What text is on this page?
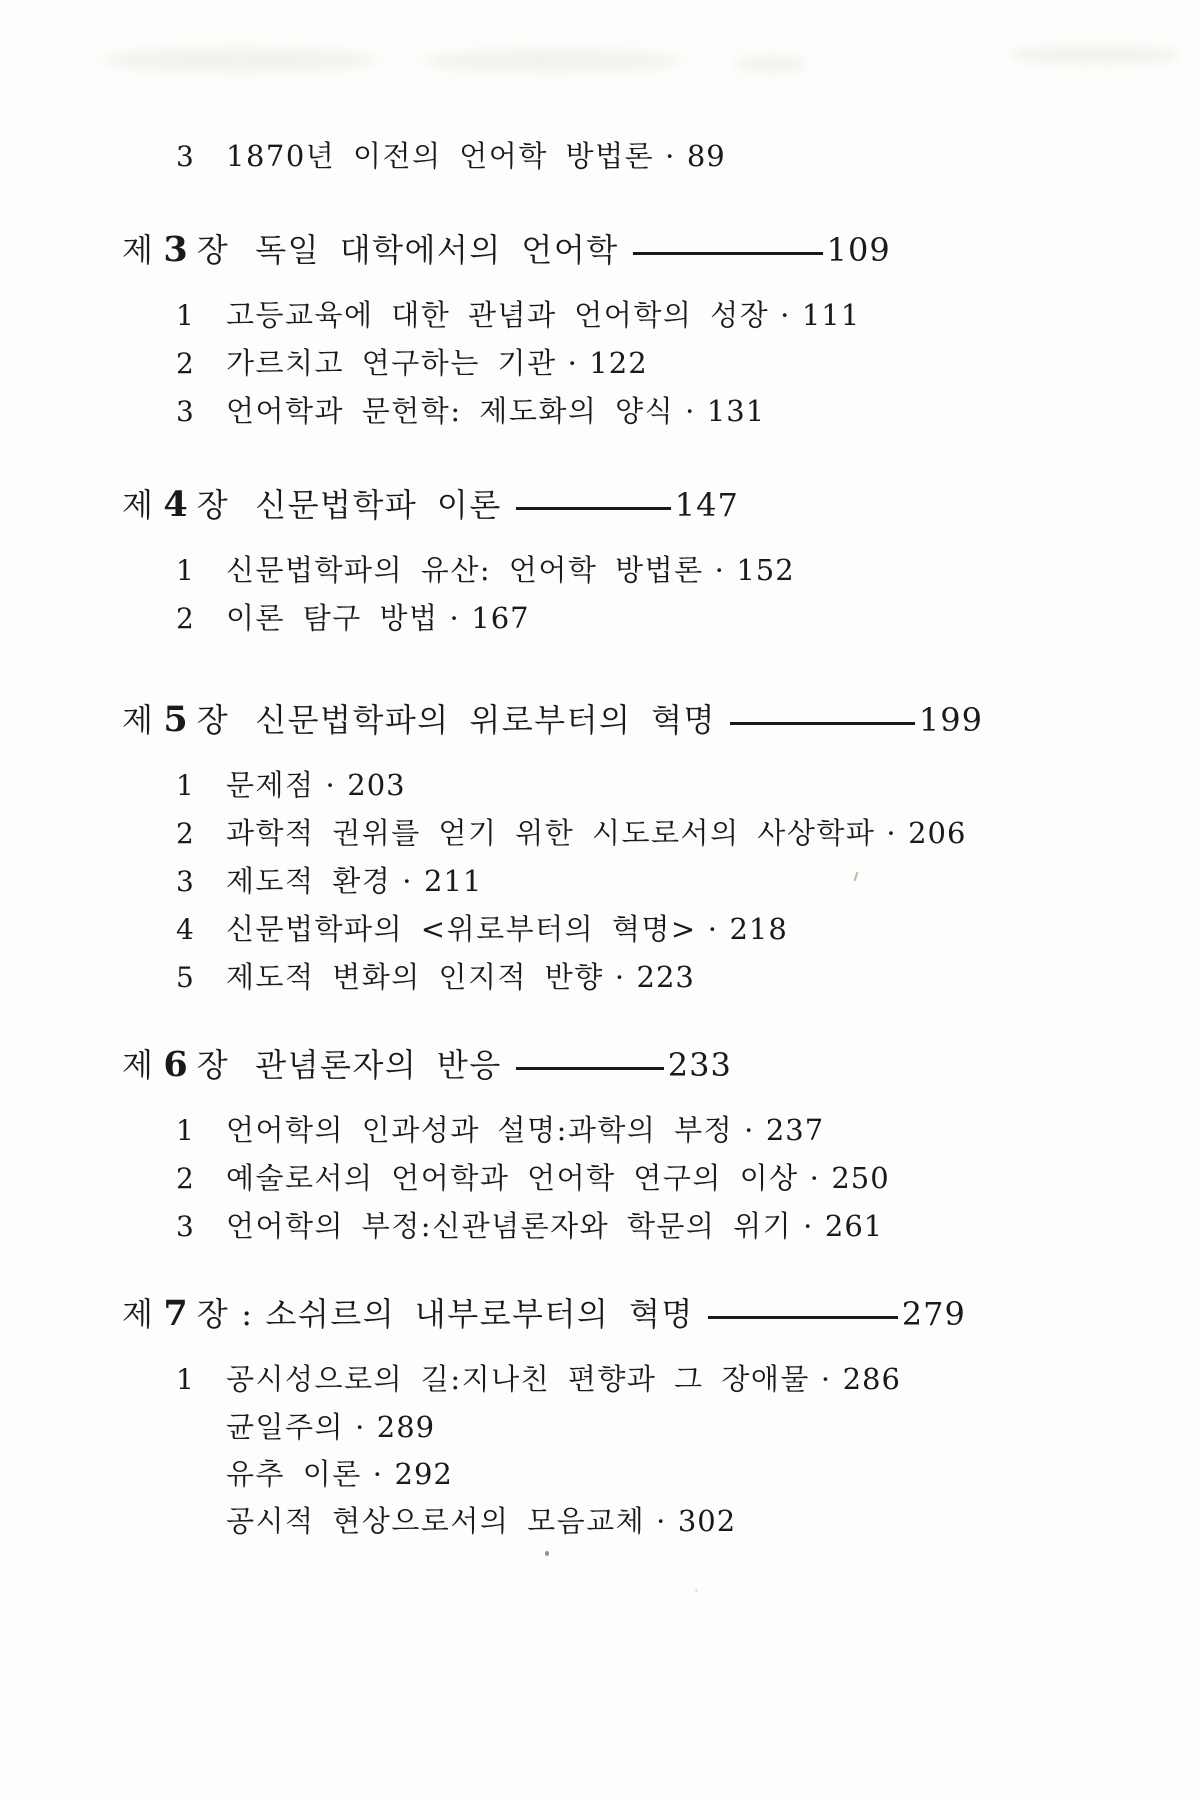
3	1870년 이전의 언어학 방법론 · 89
제 3 장 독일 대학에서의 언어학	109
1	고등교육에 대한 관념과 언어학의 성장 · 111
2	가르치고 연구하는 기관 · 122
3	언어학과 문헌학: 제도화의 양식 · 131
제 4 장 신문법학파 이론	147
1	신문법학파의 유산: 언어학 방법론 · 152
2	이론 탐구 방법 · 167
제 5 장 신문법학파의 위로부터의 혁명	199
1	문제점 · 203
2	과학적 권위를 얻기 위한 시도로서의 사상학파 · 206
3	제도적 환경 · 211
4	신문법학파의 <위로부터의 혁명> · 218
5	제도적 변화의 인지적 반향 · 223
제 6 장 관념론자의 반응	233
1	언어학의 인과성과 설명:과학의 부정 · 237
2	예술로서의 언어학과 언어학 연구의 이상 · 250
3	언어학의 부정:신관념론자와 학문의 위기 · 261
제 7 장 : 소쉬르의 내부로부터의 혁명	279
1	공시성으로의 길:지나친 편향과 그 장애물 · 286
균일주의 · 289
유추 이론 · 292
공시적 현상으로서의 모음교체 · 302
